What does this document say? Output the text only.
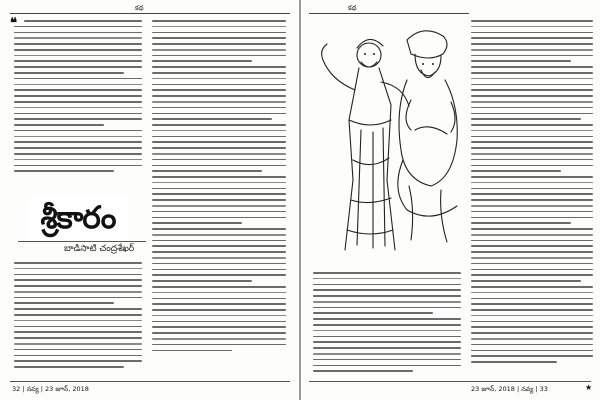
కథ
❝
శ్రీకారం
బాడిసాటి చంద్రశేఖర్
32 | నవ్య | 23 జూన్, 2018
కథ
★
23 జూన్, 2018 | నవ్య | 33
